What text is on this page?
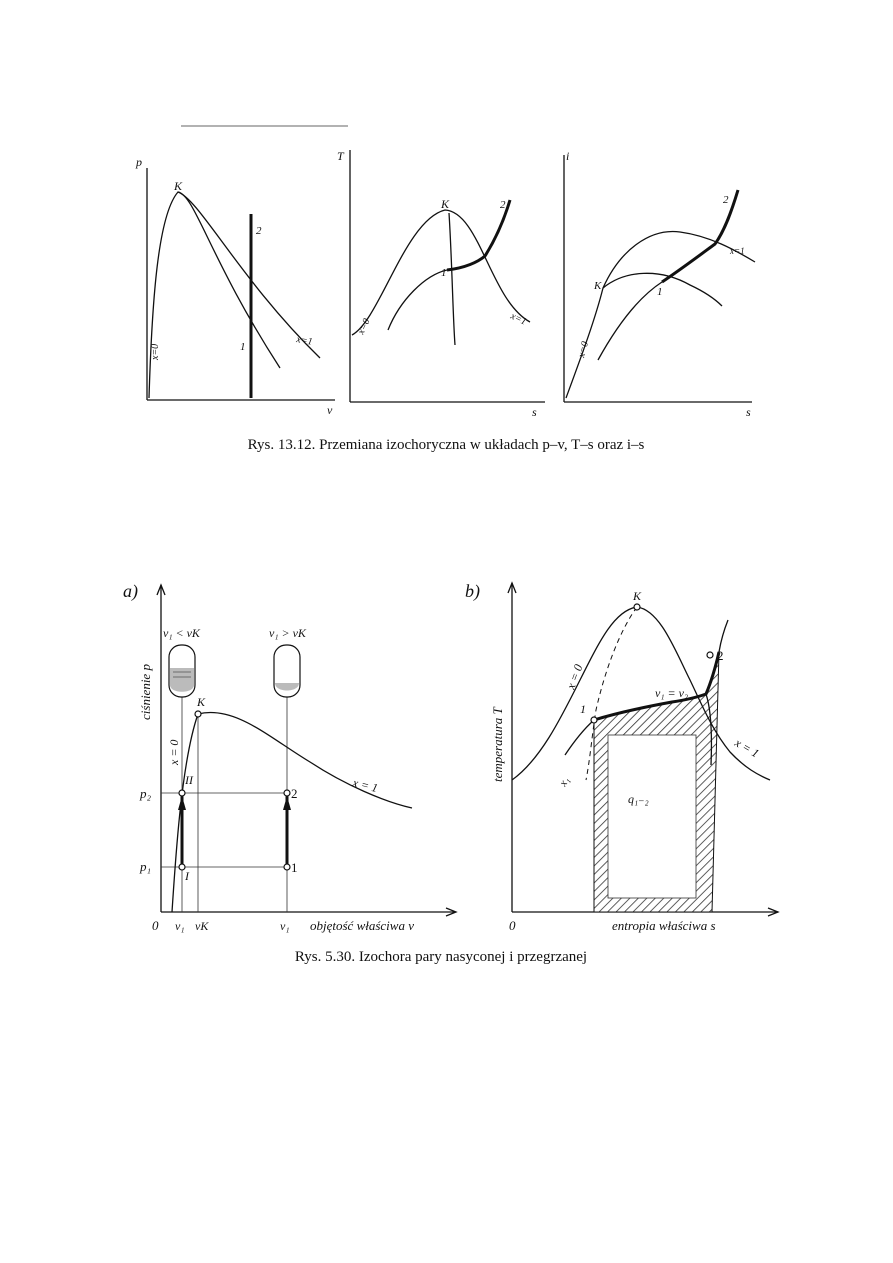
p
v
K
2
1	x=1
x=0
T
s
K	2
1
x=1
x=0
i
s
K
2
1
x=1
x=0
Rys. 13.12. Przemiana izochoryczna w układach p–v, T–s oraz i–s
a)
ciśnienie p
objętość właściwa v
0 v₁ vK	v₁
p₂
p₁
v₁ < vK	v₁ > vK
K
II
I
2
1
x = 0
x = 1
b)
temperatura T
entropia właściwa s
0
K
1
2
v₁ = v₂
x = 0
x = 1
x₁
q₁₋₂
Rys. 5.30. Izochora pary nasyconej i przegrzanej
